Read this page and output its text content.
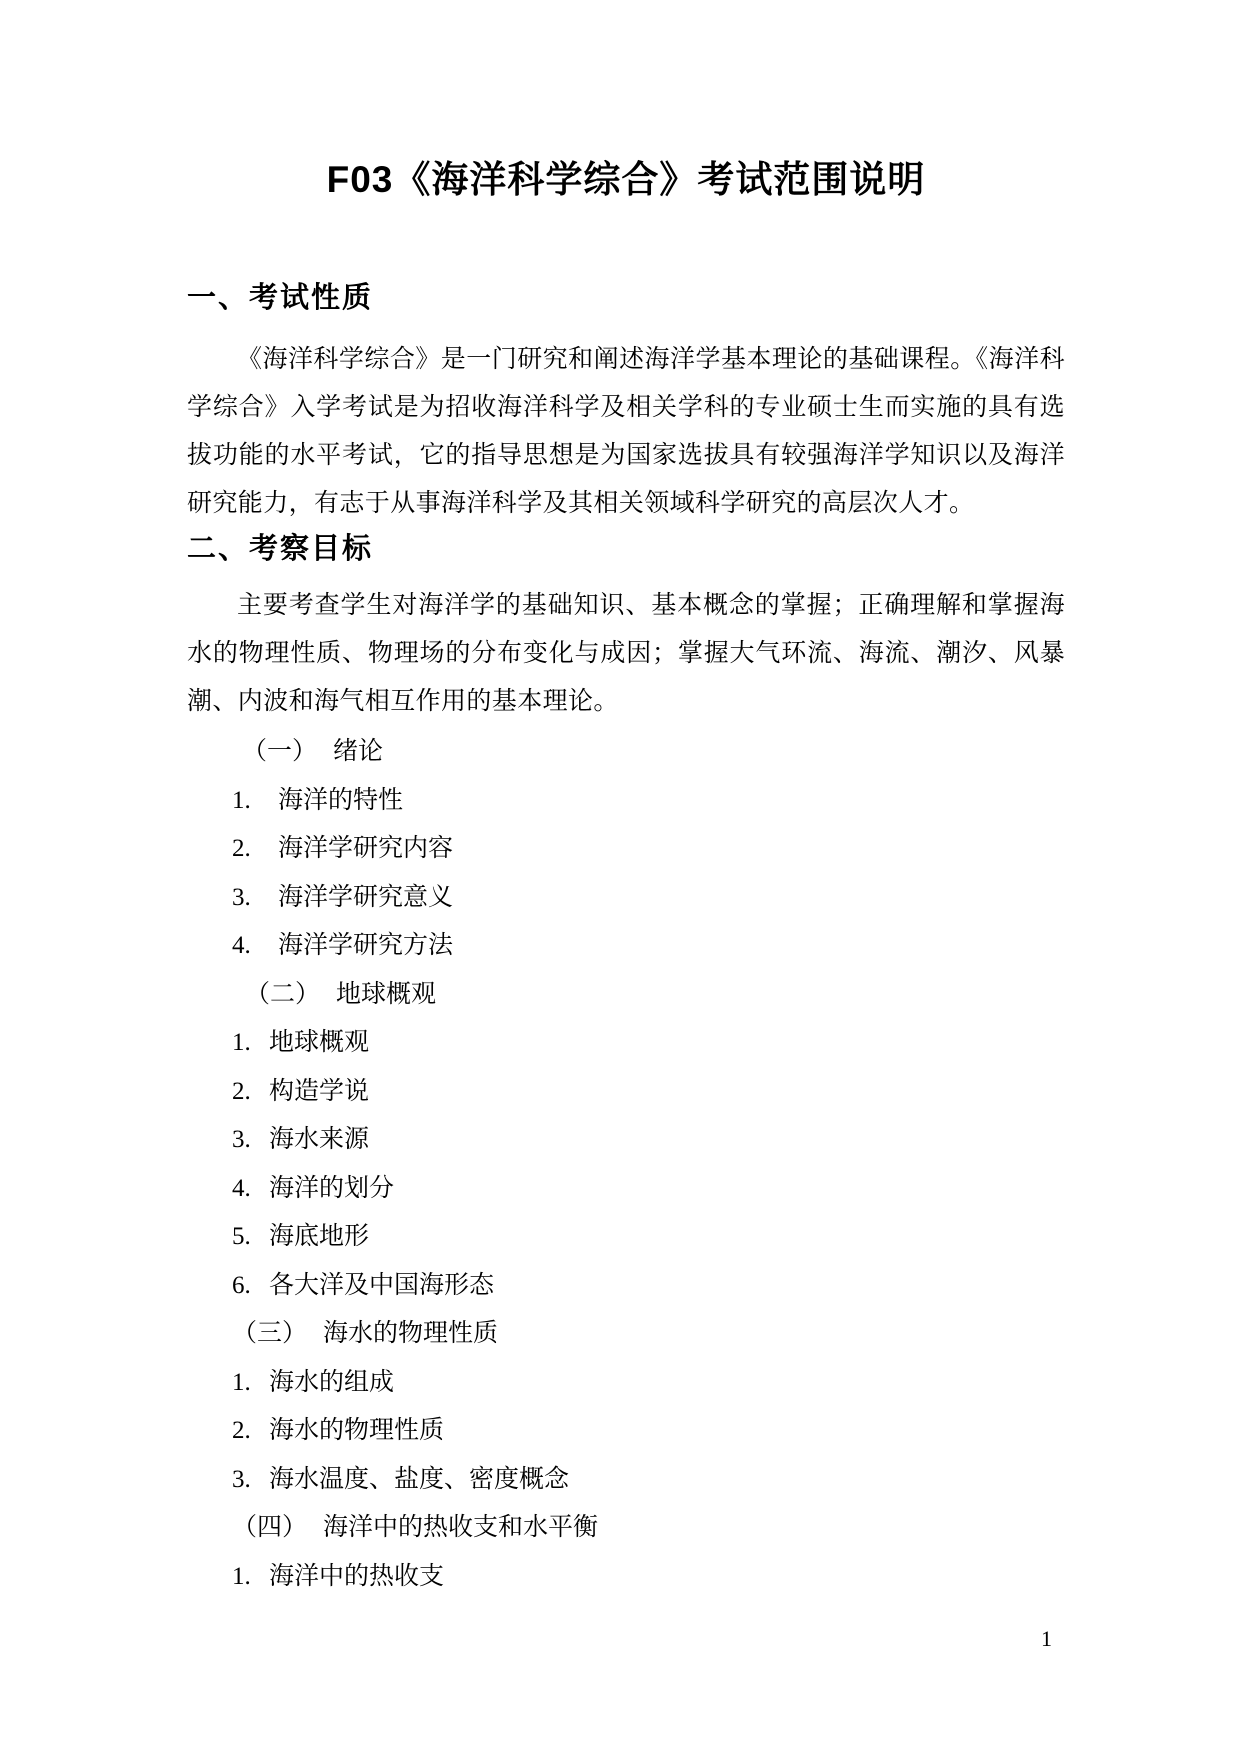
F03《海洋科学综合》考试范围说明
一、考试性质

《海洋科学综合》是一门研究和阐述海洋学基本理论的基础课程。《海洋科学综合》入学考试是为招收海洋科学及相关学科的专业硕士生而实施的具有选拔功能的水平考试，它的指导思想是为国家选拔具有较强海洋学知识以及海洋研究能力，有志于从事海洋科学及其相关领域科学研究的高层次人才。

二、考察目标

主要考查学生对海洋学的基础知识、基本概念的掌握；正确理解和掌握海水的物理性质、物理场的分布变化与成因；掌握大气环流、海流、潮汐、风暴潮、内波和海气相互作用的基本理论。

（一） 绪论
1. 海洋的特性
2. 海洋学研究内容
3. 海洋学研究意义
4. 海洋学研究方法
（二） 地球概观
1. 地球概观
2. 构造学说
3. 海水来源
4. 海洋的划分
5. 海底地形
6. 各大洋及中国海形态
（三） 海水的物理性质
1. 海水的组成
2. 海水的物理性质
3. 海水温度、盐度、密度概念
（四） 海洋中的热收支和水平衡
1. 海洋中的热收支
1
